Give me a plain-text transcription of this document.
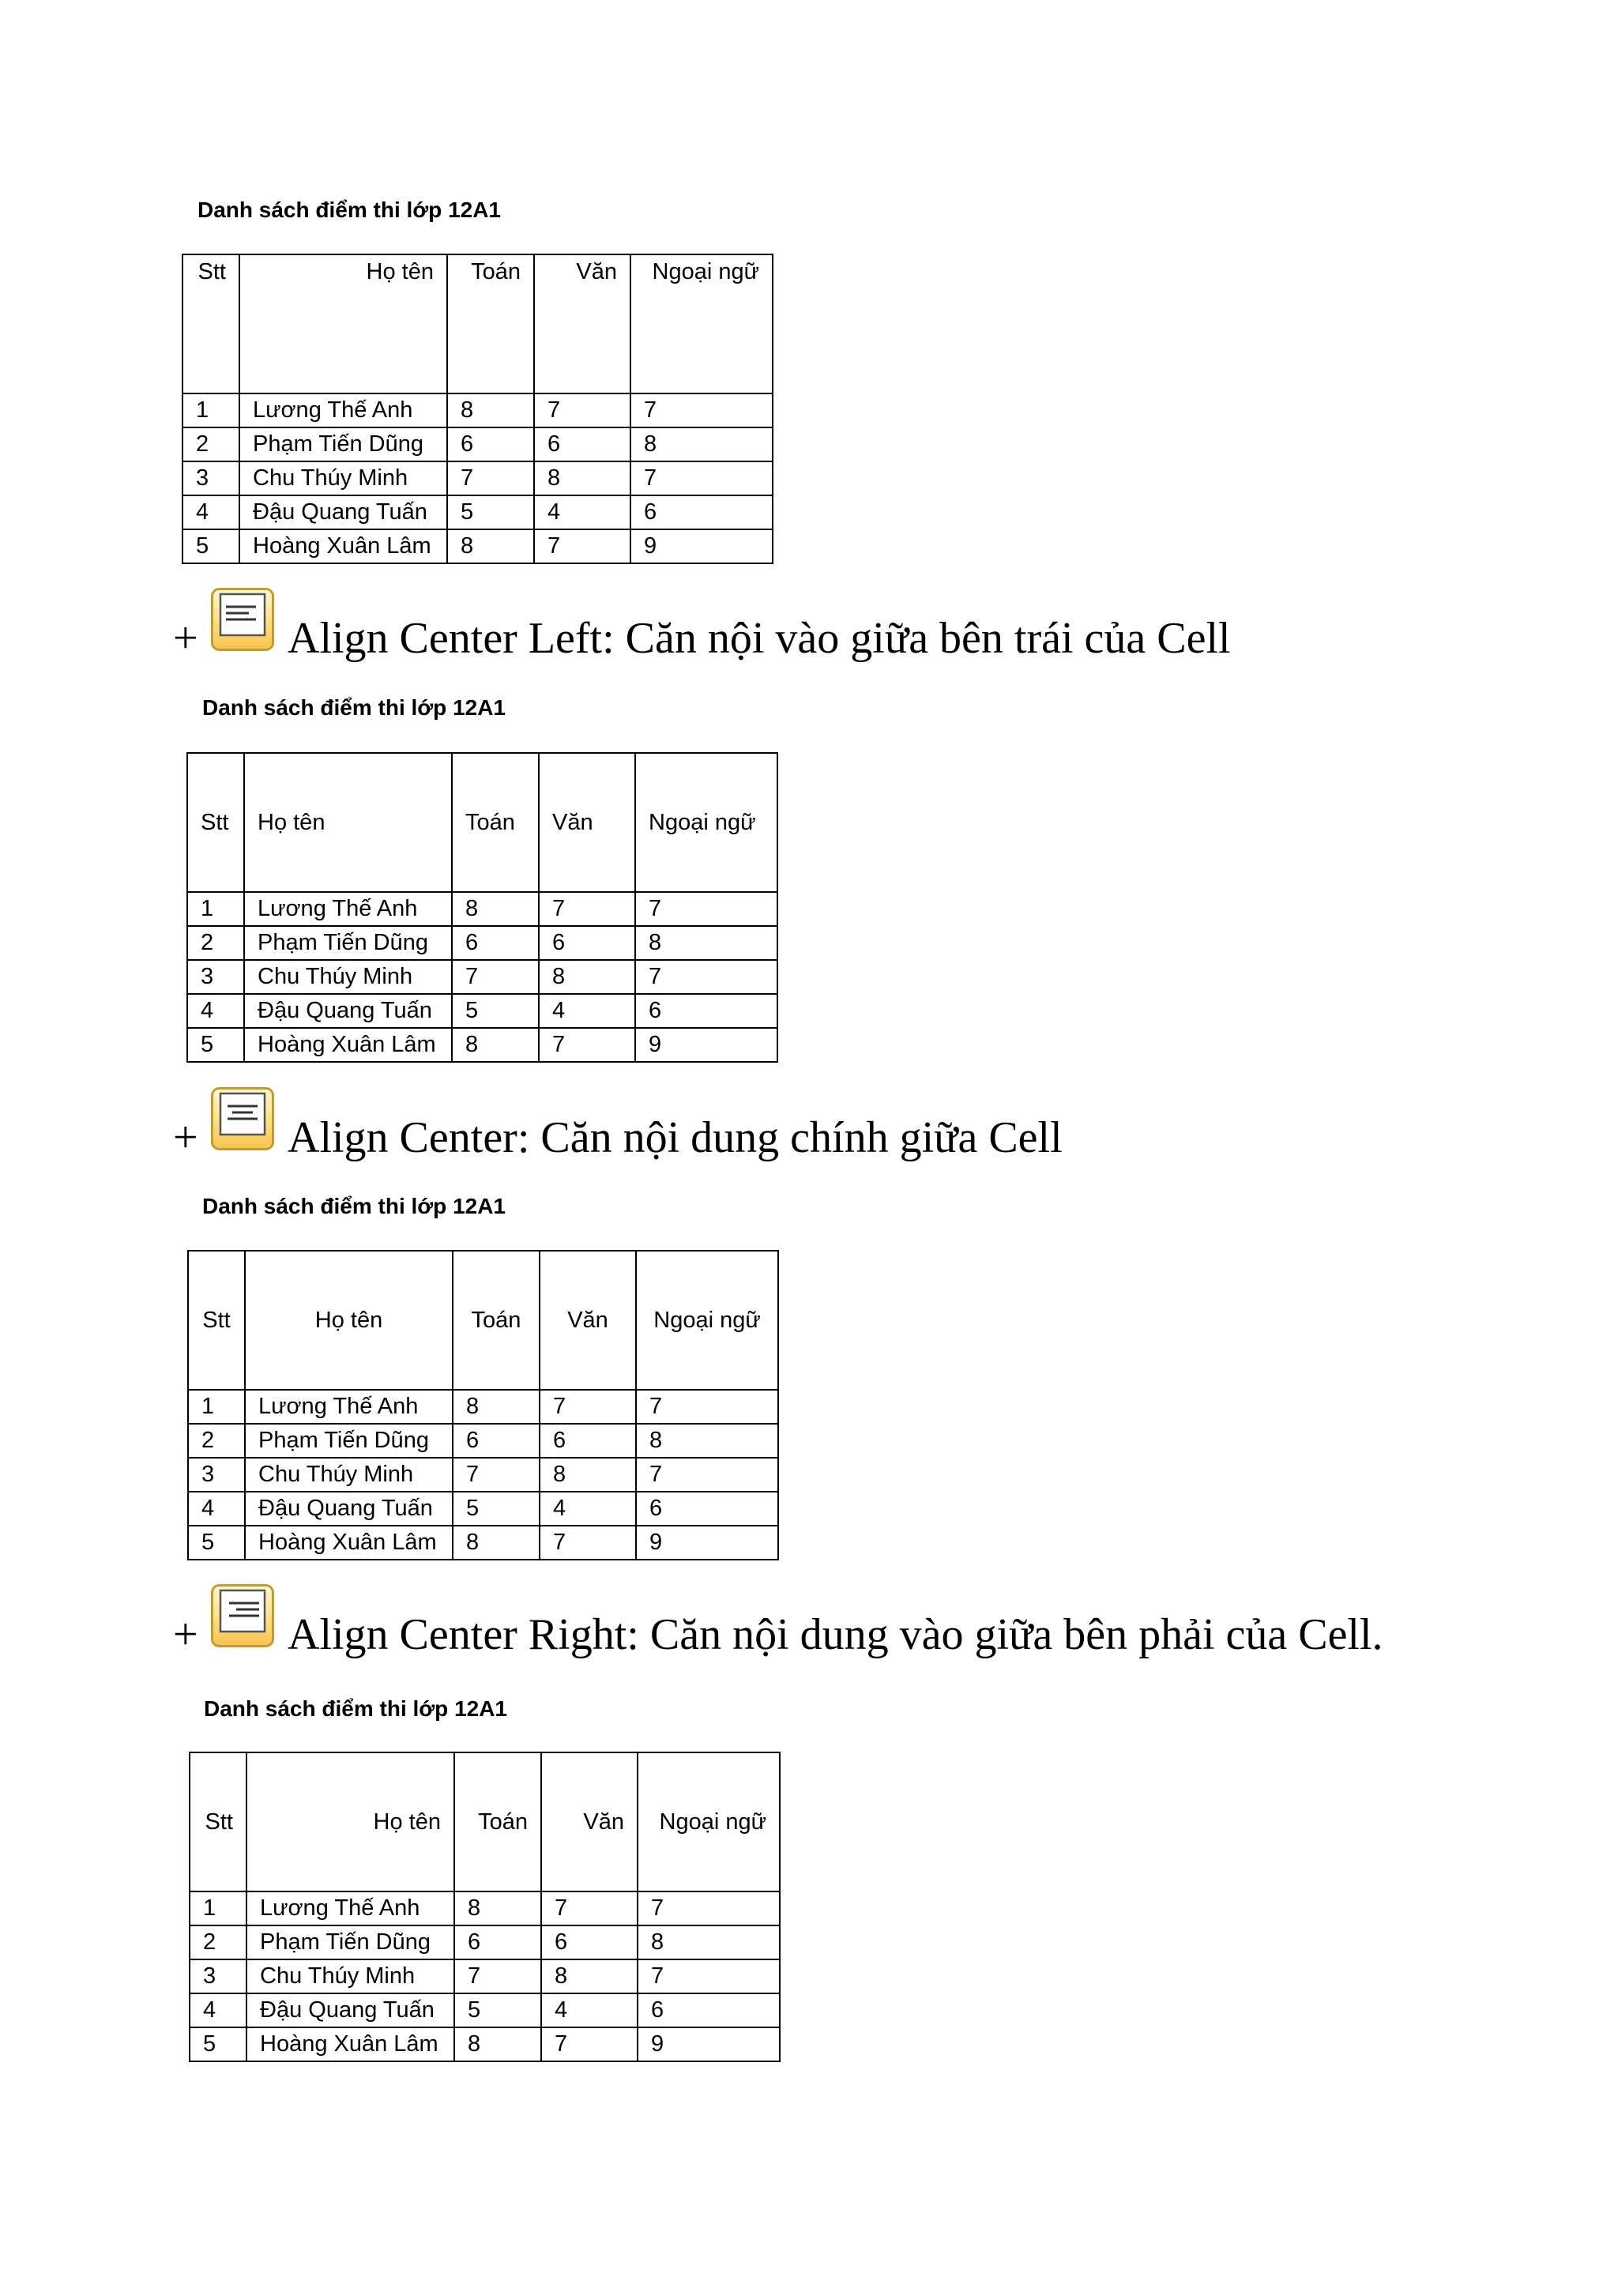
Danh sách điểm thi lớp 12A1
Stt	Họ tên	Toán	Văn	Ngoại ngữ
1	Lương Thế Anh	8	7	7
2	Phạm Tiến Dũng	6	6	8
3	Chu Thúy Minh	7	8	7
4	Đậu Quang Tuấn	5	4	6
5	Hoàng Xuân Lâm	8	7	9
+ Align Center Left: Căn nội vào giữa bên trái của Cell
Danh sách điểm thi lớp 12A1
Stt	Họ tên	Toán	Văn	Ngoại ngữ
1	Lương Thế Anh	8	7	7
2	Phạm Tiến Dũng	6	6	8
3	Chu Thúy Minh	7	8	7
4	Đậu Quang Tuấn	5	4	6
5	Hoàng Xuân Lâm	8	7	9
+ Align Center: Căn nội dung chính giữa Cell
Danh sách điểm thi lớp 12A1
Stt	Họ tên	Toán	Văn	Ngoại ngữ
1	Lương Thế Anh	8	7	7
2	Phạm Tiến Dũng	6	6	8
3	Chu Thúy Minh	7	8	7
4	Đậu Quang Tuấn	5	4	6
5	Hoàng Xuân Lâm	8	7	9
+ Align Center Right: Căn nội dung vào giữa bên phải của Cell.
Danh sách điểm thi lớp 12A1
Stt	Họ tên	Toán	Văn	Ngoại ngữ
1	Lương Thế Anh	8	7	7
2	Phạm Tiến Dũng	6	6	8
3	Chu Thúy Minh	7	8	7
4	Đậu Quang Tuấn	5	4	6
5	Hoàng Xuân Lâm	8	7	9
